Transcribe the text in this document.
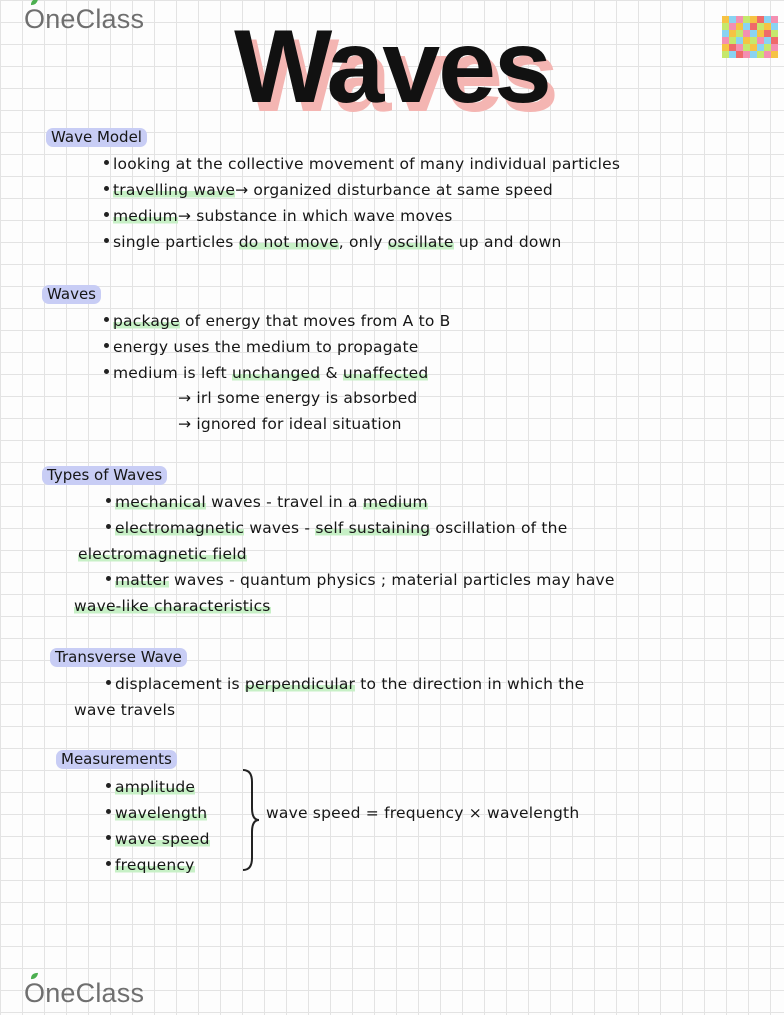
OneClass
OneClass
Waves
Wave Model
looking at the collective movement of many individual particles
travelling wave→ organized disturbance at same speed
medium→ substance in which wave moves
single particles do not move, only oscillate up and down
Waves
package of energy that moves from A to B
energy uses the medium to propagate
medium is left unchanged & unaffected
→ irl some energy is absorbed
→ ignored for ideal situation
Types of Waves
mechanical waves - travel in a medium
electromagnetic waves - self sustaining oscillation of the
electromagnetic field
matter waves - quantum physics ; material particles may have
wave-like characteristics
Transverse Wave
displacement is perpendicular to the direction in which the
wave travels
Measurements
amplitude
wavelength
wave speed
frequency
wave speed = frequency × wavelength
